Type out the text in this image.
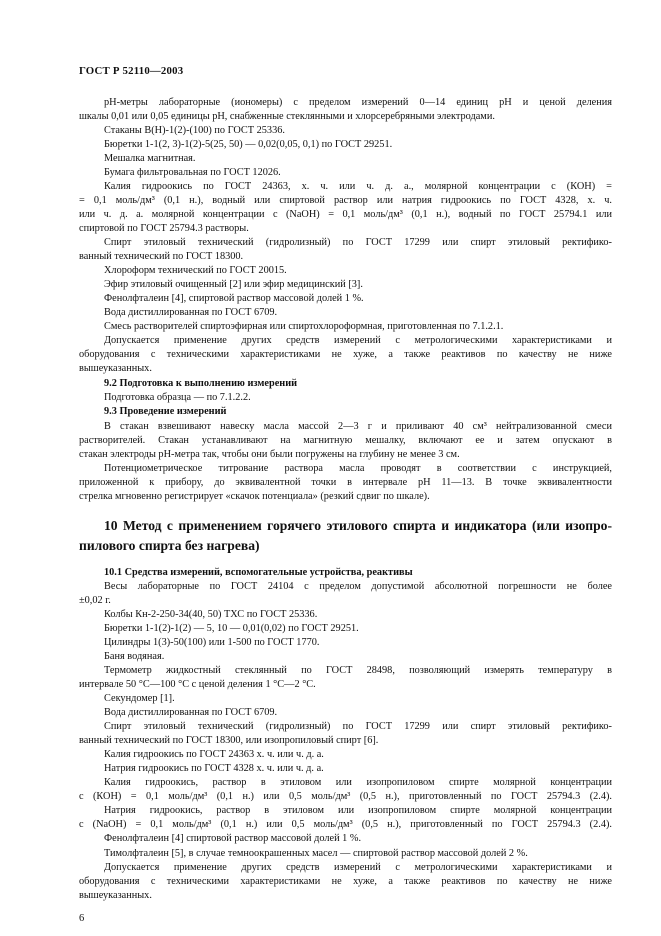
ГОСТ Р 52110—2003
pH-метры лабораторные (иономеры) с пределом измерений 0—14 единиц pH и ценой деления
шкалы 0,01 или 0,05 единицы pH, снабженные стеклянными и хлорсеребряными электродами.
Стаканы В(Н)-1(2)-(100) по ГОСТ 25336.
Бюретки 1-1(2, 3)-1(2)-5(25, 50) — 0,02(0,05, 0,1) по ГОСТ 29251.
Мешалка магнитная.
Бумага фильтровальная по ГОСТ 12026.
Калия гидроокись по ГОСТ 24363, х. ч. или ч. д. а., молярной концентрации c (КОН) =
= 0,1 моль/дм³ (0,1 н.), водный или спиртовой раствор или натрия гидроокись по ГОСТ 4328, х. ч.
или ч. д. а. молярной концентрации c (NaOH) = 0,1 моль/дм³ (0,1 н.), водный по ГОСТ 25794.1 или
спиртовой по ГОСТ 25794.3 растворы.
Спирт этиловый технический (гидролизный) по ГОСТ 17299 или спирт этиловый ректифико-
ванный технический по ГОСТ 18300.
Хлороформ технический по ГОСТ 20015.
Эфир этиловый очищенный [2] или эфир медицинский [3].
Фенолфталеин [4], спиртовой раствор массовой долей 1 %.
Вода дистиллированная по ГОСТ 6709.
Смесь растворителей спиртоэфирная или спиртохлороформная, приготовленная по 7.1.2.1.
Допускается применение других средств измерений с метрологическими характеристиками и
оборудования с техническими характеристиками не хуже, а также реактивов по качеству не ниже
вышеуказанных.
9.2 Подготовка к выполнению измерений
Подготовка образца — по 7.1.2.2.
9.3 Проведение измерений
В стакан взвешивают навеску масла массой 2—3 г и приливают 40 см³ нейтрализованной смеси
растворителей. Стакан устанавливают на магнитную мешалку, включают ее и затем опускают в
стакан электроды pH-метра так, чтобы они были погружены на глубину не менее 3 см.
Потенциометрическое титрование раствора масла проводят в соответствии с инструкцией,
приложенной к прибору, до эквивалентной точки в интервале pH 11—13. В точке эквивалентности
стрелка мгновенно регистрирует «скачок потенциала» (резкий сдвиг по шкале).
10 Метод с применением горячего этилового спирта и индикатора (или изопро-
пилового спирта без нагрева)
10.1 Средства измерений, вспомогательные устройства, реактивы
Весы лабораторные по ГОСТ 24104 с пределом допустимой абсолютной погрешности не более
±0,02 г.
Колбы Кн-2-250-34(40, 50) ТХС по ГОСТ 25336.
Бюретки 1-1(2)-1(2) — 5, 10 — 0,01(0,02) по ГОСТ 29251.
Цилиндры 1(3)-50(100) или 1-500 по ГОСТ 1770.
Баня водяная.
Термометр жидкостный стеклянный по ГОСТ 28498, позволяющий измерять температуру в
интервале 50 °С—100 °С с ценой деления 1 °С—2 °С.
Секундомер [1].
Вода дистиллированная по ГОСТ 6709.
Спирт этиловый технический (гидролизный) по ГОСТ 17299 или спирт этиловый ректифико-
ванный технический по ГОСТ 18300, или изопропиловый спирт [6].
Калия гидроокись по ГОСТ 24363 х. ч. или ч. д. а.
Натрия гидроокись по ГОСТ 4328 х. ч. или ч. д. а.
Калия гидроокись, раствор в этиловом или изопропиловом спирте молярной концентрации
c (КОН) = 0,1 моль/дм³ (0,1 н.) или 0,5 моль/дм³ (0,5 н.), приготовленный по ГОСТ 25794.3 (2.4).
Натрия гидроокись, раствор в этиловом или изопропиловом спирте молярной концентрации
c (NaOH) = 0,1 моль/дм³ (0,1 н.) или 0,5 моль/дм³ (0,5 н.), приготовленный по ГОСТ 25794.3 (2.4).
Фенолфталеин [4] спиртовой раствор массовой долей 1 %.
Тимолфталеин [5], в случае темноокрашенных масел — спиртовой раствор массовой долей 2 %.
Допускается применение других средств измерений с метрологическими характеристиками и
оборудования с техническими характеристиками не хуже, а также реактивов по качеству не ниже
вышеуказанных.
6
